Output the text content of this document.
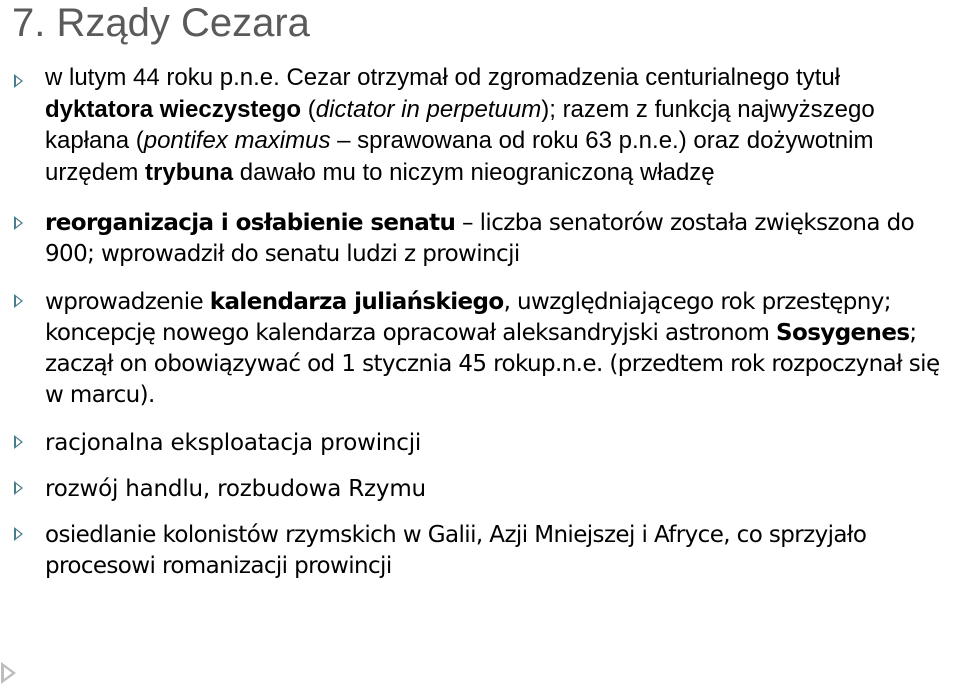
7. Rządy Cezara
w lutym 44 roku p.n.e. Cezar otrzymał od zgromadzenia centurialnego tytuł dyktatora wieczystego (dictator in perpetuum); razem z funkcją najwyższego kapłana (pontifex maximus – sprawowana od roku 63 p.n.e.) oraz dożywotnim urzędem trybuna dawało mu to niczym nieograniczoną władzę
reorganizacja i osłabienie senatu – liczba senatorów została zwiększona do 900; wprowadził do senatu ludzi z prowincji
wprowadzenie kalendarza juliańskiego, uwzględniającego rok przestępny; koncepcję nowego kalendarza opracował aleksandryjski astronom Sosygenes; zaczął on obowiązywać od 1 stycznia 45 rokup.n.e. (przedtem rok rozpoczynał się w marcu).
racjonalna eksploatacja prowincji
rozwój handlu, rozbudowa Rzymu
osiedlanie kolonistów rzymskich w Galii, Azji Mniejszej i Afryce, co sprzyjało procesowi romanizacji prowincji
